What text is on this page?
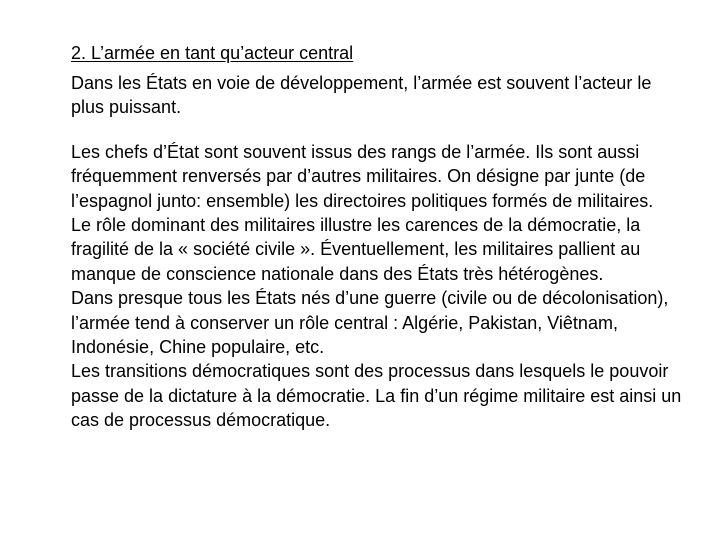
2. L’armée en tant qu’acteur central

Dans les États en voie de développement, l’armée est souvent l’acteur le plus puissant.

Les chefs d’État sont souvent issus des rangs de l’armée. Ils sont aussi fréquemment renversés par d’autres militaires. On désigne par junte (de l’espagnol junto: ensemble) les directoires politiques formés de militaires.

Le rôle dominant des militaires illustre les carences de la démocratie, la fragilité de la « société civile ». Éventuellement, les militaires pallient au manque de conscience nationale dans des États très hétérogènes.

Dans presque tous les États nés d’une guerre (civile ou de décolonisation), l’armée tend à conserver un rôle central : Algérie, Pakistan, Viêtnam, Indonésie, Chine populaire, etc.

Les transitions démocratiques sont des processus dans lesquels le pouvoir passe de la dictature à la démocratie. La fin d’un régime militaire est ainsi un cas de processus démocratique.
